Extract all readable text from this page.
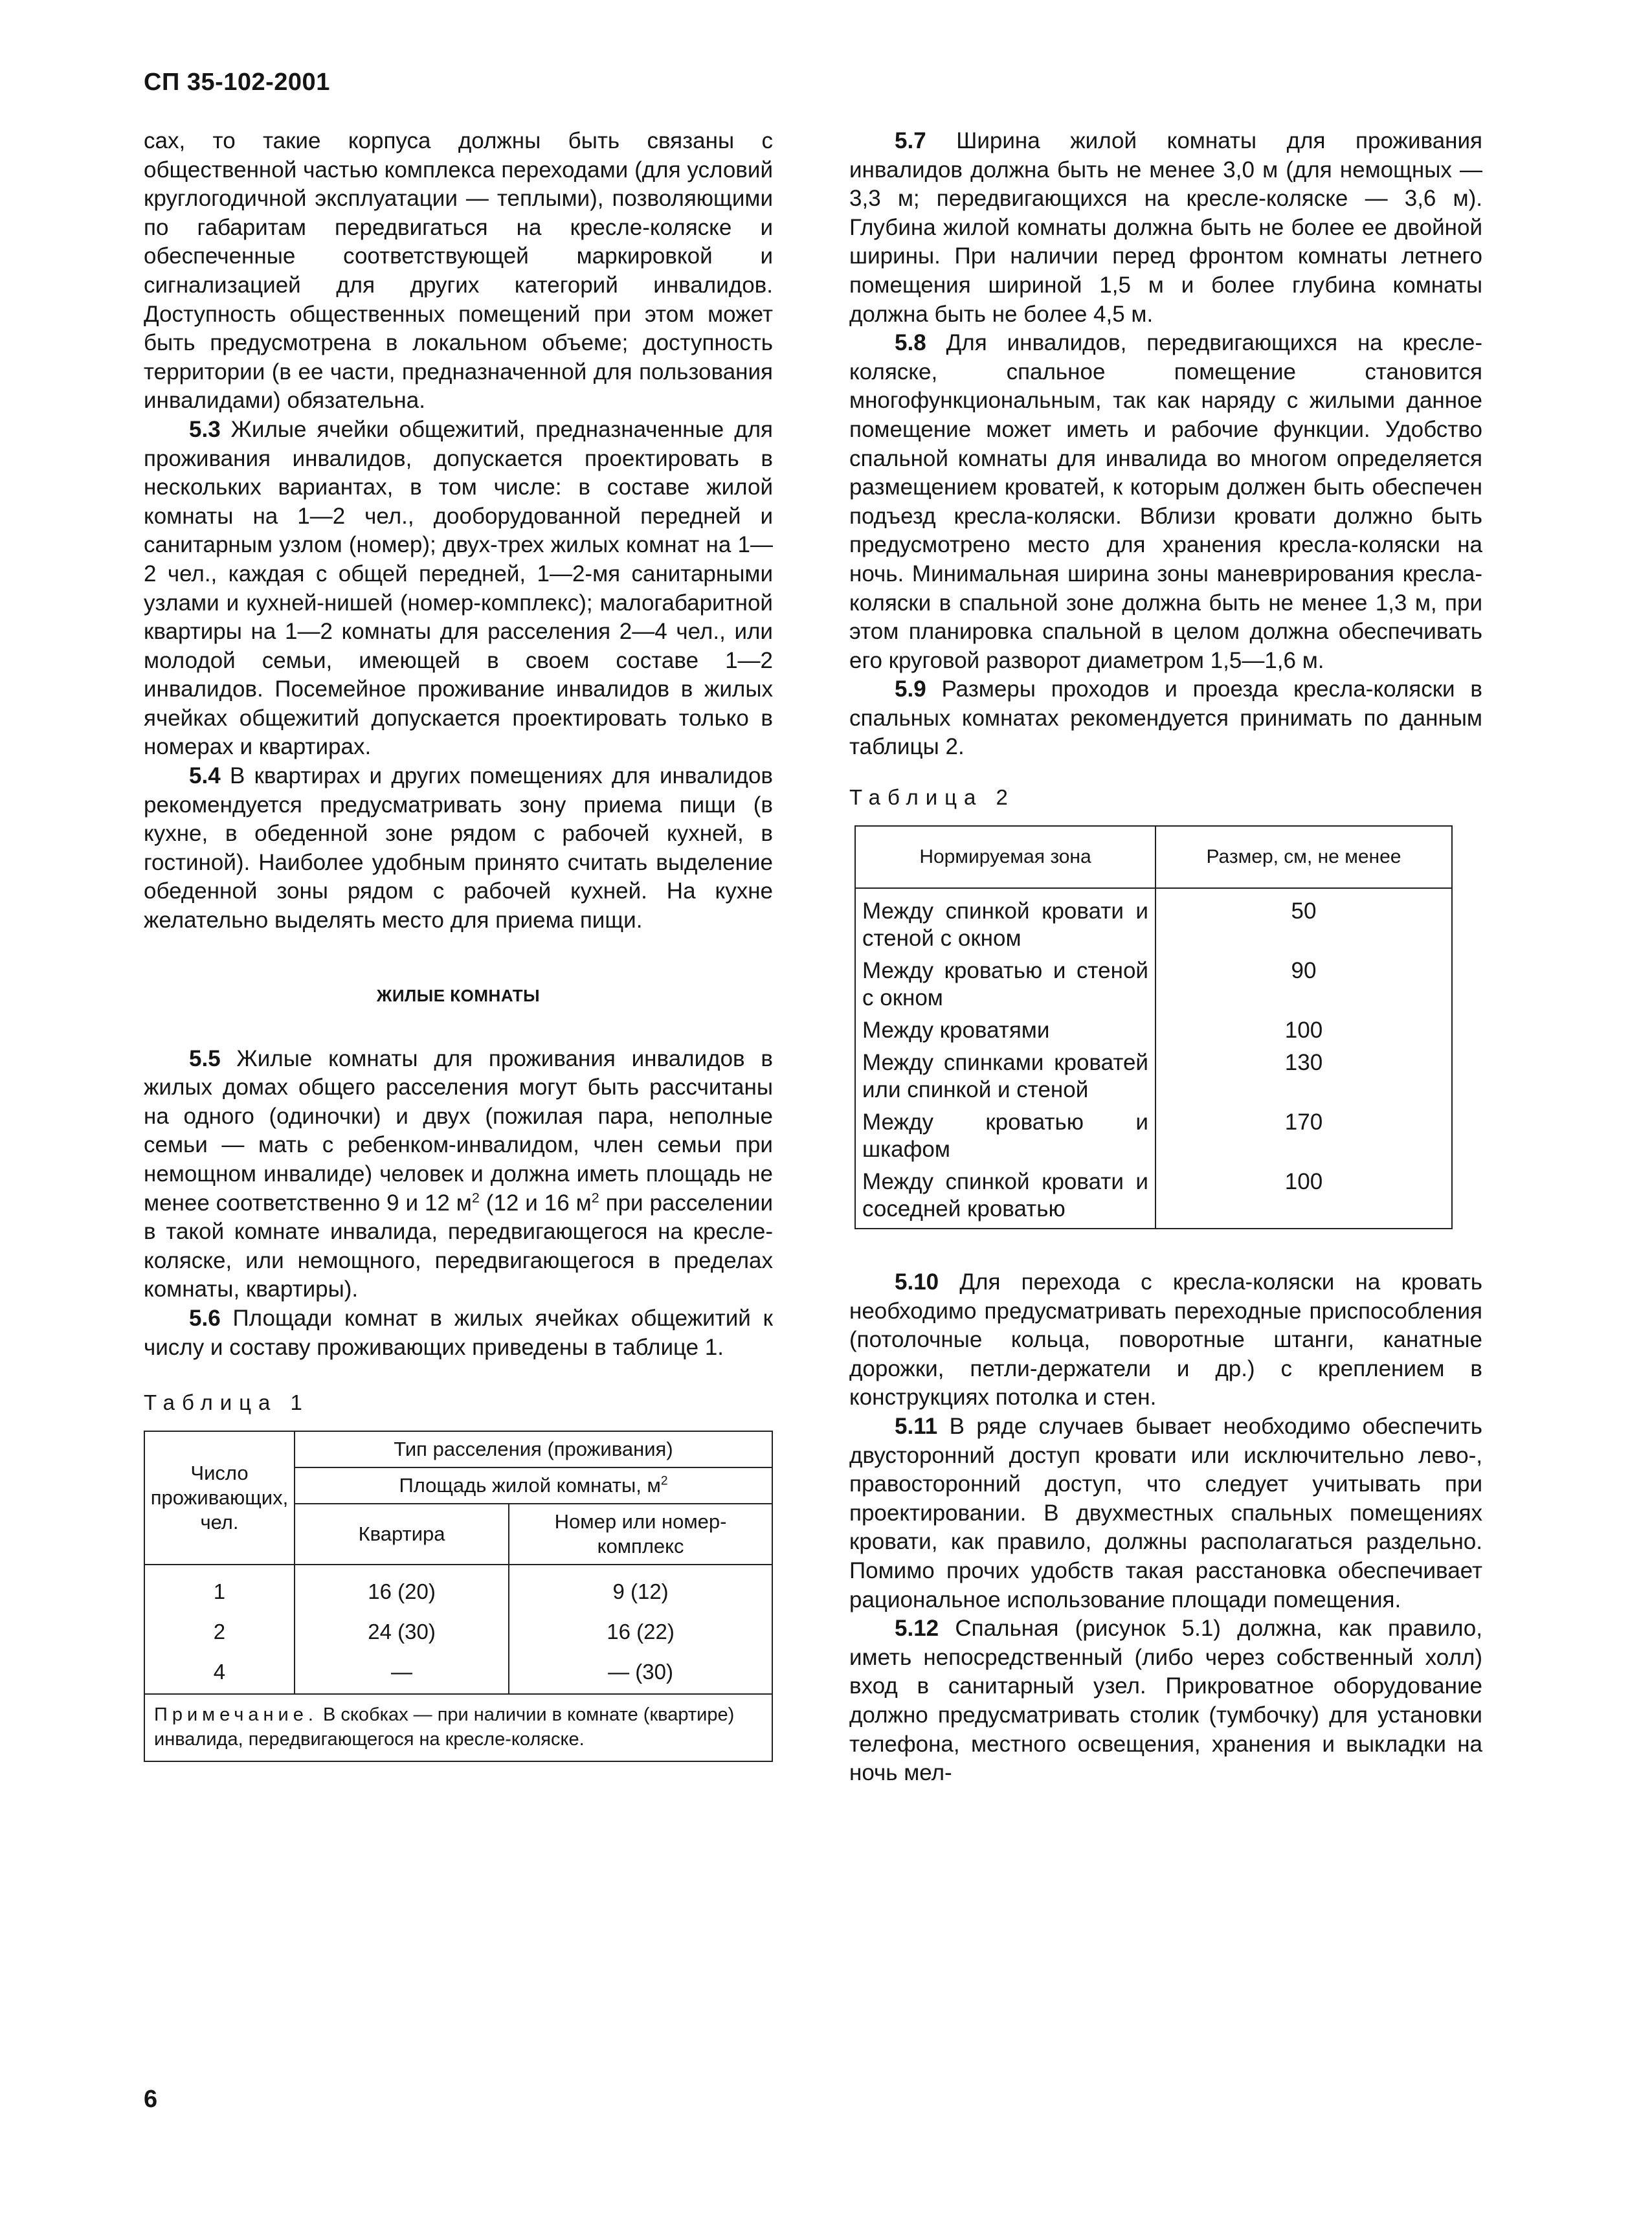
СП 35-102-2001

сах, то такие корпуса должны быть связаны с общественной частью комплекса переходами (для условий круглогодичной эксплуатации — теплыми), позволяющими по габаритам передвигаться на кресле-коляске и обеспеченные соответствующей маркировкой и сигнализацией для других категорий инвалидов. Доступность общественных помещений при этом может быть предусмотрена в локальном объеме; доступность территории (в ее части, предназначенной для пользования инвалидами) обязательна.

5.3 Жилые ячейки общежитий, предназначенные для проживания инвалидов, допускается проектировать в нескольких вариантах, в том числе: в составе жилой комнаты на 1—2 чел., дооборудованной передней и санитарным узлом (номер); двух-трех жилых комнат на 1—2 чел., каждая с общей передней, 1—2-мя санитарными узлами и кухней-нишей (номер-комплекс); малогабаритной квартиры на 1—2 комнаты для расселения 2—4 чел., или молодой семьи, имеющей в своем составе 1—2 инвалидов. Посемейное проживание инвалидов в жилых ячейках общежитий допускается проектировать только в номерах и квартирах.

5.4 В квартирах и других помещениях для инвалидов рекомендуется предусматривать зону приема пищи (в кухне, в обеденной зоне рядом с рабочей кухней, в гостиной). Наиболее удобным принято считать выделение обеденной зоны рядом с рабочей кухней. На кухне желательно выделять место для приема пищи.

ЖИЛЫЕ КОМНАТЫ

5.5 Жилые комнаты для проживания инвалидов в жилых домах общего расселения могут быть рассчитаны на одного (одиночки) и двух (пожилая пара, неполные семьи — мать с ребенком-инвалидом, член семьи при немощном инвалиде) человек и должна иметь площадь не менее соответственно 9 и 12 $м^2$ (12 и 16 $м^2$ при расселении в такой комнате инвалида, передвигающегося на кресле-коляске, или немощного, передвигающегося в пределах комнаты, квартиры).

5.6 Площади комнат в жилых ячейках общежитий к числу и составу проживающих приведены в таблице 1.

Таблица 1
Число проживающих, чел.	Тип расселения (проживания)	
	Площадь жилой комнаты, $м^2$
	Квартира	Номер или номер-комплекс
1	16 (20)	9 (12)
2	24 (30)	16 (22)
4	—	— (30)
Примечание. В скобках — при наличии в комнате (квартире) инвалида, передвигающегося на кресле-коляске.		

5.7 Ширина жилой комнаты для проживания инвалидов должна быть не менее 3,0 м (для немощных — 3,3 м; передвигающихся на кресле-коляске — 3,6 м). Глубина жилой комнаты должна быть не более ее двойной ширины. При наличии перед фронтом комнаты летнего помещения шириной 1,5 м и более глубина комнаты должна быть не более 4,5 м.

5.8 Для инвалидов, передвигающихся на кресле-коляске, спальное помещение становится многофункциональным, так как наряду с жилыми данное помещение может иметь и рабочие функции. Удобство спальной комнаты для инвалида во многом определяется размещением кроватей, к которым должен быть обеспечен подъезд кресла-коляски. Вблизи кровати должно быть предусмотрено место для хранения кресла-коляски на ночь. Минимальная ширина зоны маневрирования кресла-коляски в спальной зоне должна быть не менее 1,3 м, при этом планировка спальной в целом должна обеспечивать его круговой разворот диаметром 1,5—1,6 м.

5.9 Размеры проходов и проезда кресла-коляски в спальных комнатах рекомендуется принимать по данным таблицы 2.

Таблица 2
Нормируемая зона	Размер, см, не менее
Между спинкой кровати и стеной с окном	50
Между кроватью и стеной с окном	90
Между кроватями	100
Между спинками кроватей или спинкой и стеной	130
Между кроватью и шкафом	170
Между спинкой кровати и соседней кроватью	100

5.10 Для перехода с кресла-коляски на кровать необходимо предусматривать переходные приспособления (потолочные кольца, поворотные штанги, канатные дорожки, петли-держатели и др.) с креплением в конструкциях потолка и стен.

5.11 В ряде случаев бывает необходимо обеспечить двусторонний доступ кровати или исключительно лево-, правосторонний доступ, что следует учитывать при проектировании. В двухместных спальных помещениях кровати, как правило, должны располагаться раздельно. Помимо прочих удобств такая расстановка обеспечивает рациональное использование площади помещения.

5.12 Спальная (рисунок 5.1) должна, как правило, иметь непосредственный (либо через собственный холл) вход в санитарный узел. Прикроватное оборудование должно предусматривать столик (тумбочку) для установки телефона, местного освещения, хранения и выкладки на ночь мел-

6
